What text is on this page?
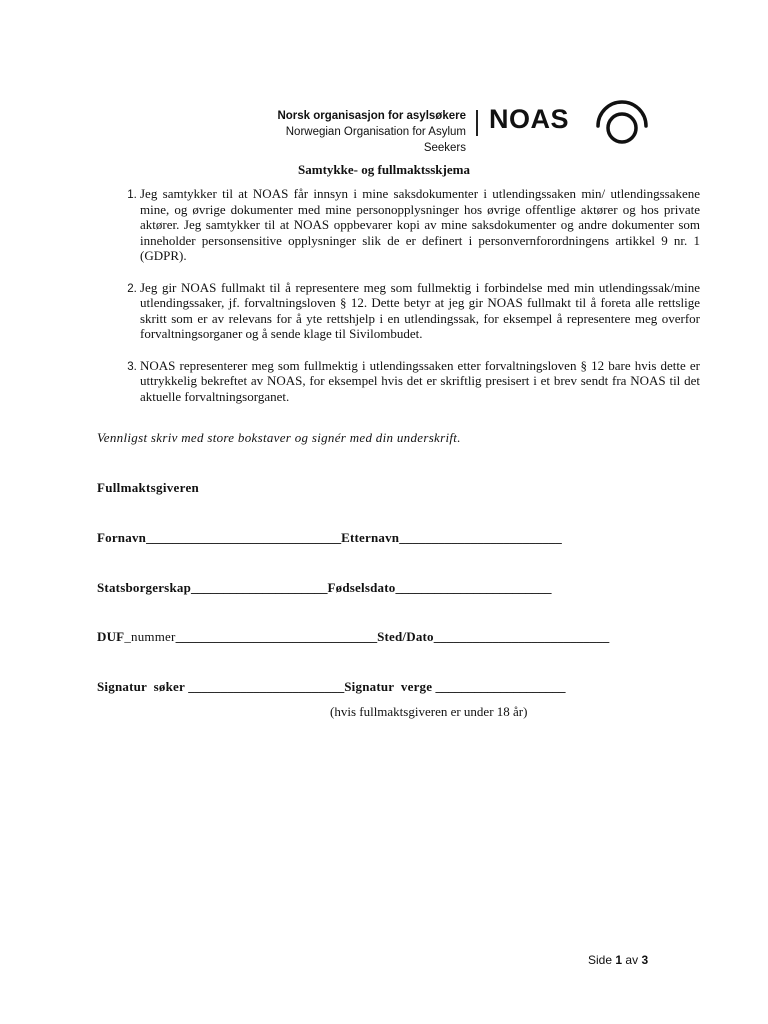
Norsk organisasjon for asylsøkere
Norwegian Organisation for Asylum Seekers
NOAS
Samtykke- og fullmaktsskjema
1. Jeg samtykker til at NOAS får innsyn i mine saksdokumenter i utlendingssaken min/ utlendingssakene mine, og øvrige dokumenter med mine personopplysninger hos øvrige offentlige aktører og hos private aktører. Jeg samtykker til at NOAS oppbevarer kopi av mine saksdokumenter og andre dokumenter som inneholder personsensitive opplysninger slik de er definert i personvernforordningens artikkel 9 nr. 1 (GDPR).
2. Jeg gir NOAS fullmakt til å representere meg som fullmektig i forbindelse med min utlendingssak/mine utlendingssaker, jf. forvaltningsloven § 12. Dette betyr at jeg gir NOAS fullmakt til å foreta alle rettslige skritt som er av relevans for å yte rettshjelp i en utlendingssak, for eksempel å representere meg overfor forvaltningsorganer og å sende klage til Sivilombudet.
3. NOAS representerer meg som fullmektig i utlendingssaken etter forvaltningsloven § 12 bare hvis dette er uttrykkelig bekreftet av NOAS, for eksempel hvis det er skriftlig presisert i et brev sendt fra NOAS til det aktuelle forvaltningsorganet.
Vennligst skriv med store bokstaver og signér med din underskrift.
Fullmaktsgiveren
Fornavn______________________________Etternavn_________________________
Statsborgerskap_____________________Fødselsdato________________________
DUF_nummer_______________________________Sted/Dato___________________________
Signatur  søker ________________________Signatur  verge ____________________
(hvis fullmaktsgiveren er under 18 år)
Side 1 av 3
